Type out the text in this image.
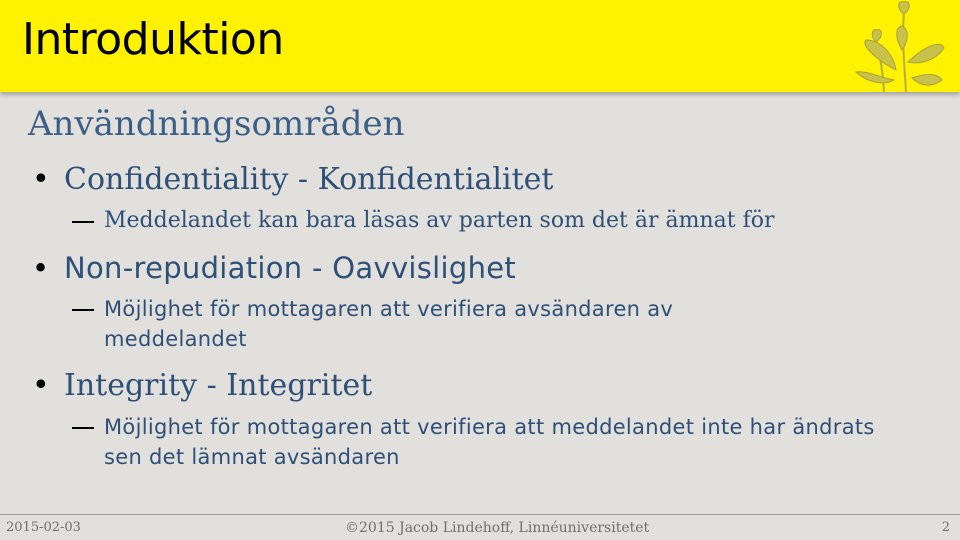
Introduktion
Användningsområden
• Confidentiality - Konfidentialitet
Meddelandet kan bara läsas av parten som det är ämnat för
• Non-repudiation - Oavvislighet
Möjlighet för mottagaren att verifiera avsändaren av meddelandet
• Integrity - Integritet
Möjlighet för mottagaren att verifiera att meddelandet inte har ändrats sen det lämnat avsändaren
2015-02-03	©2015 Jacob Lindehoff, Linnéuniversitetet	2
